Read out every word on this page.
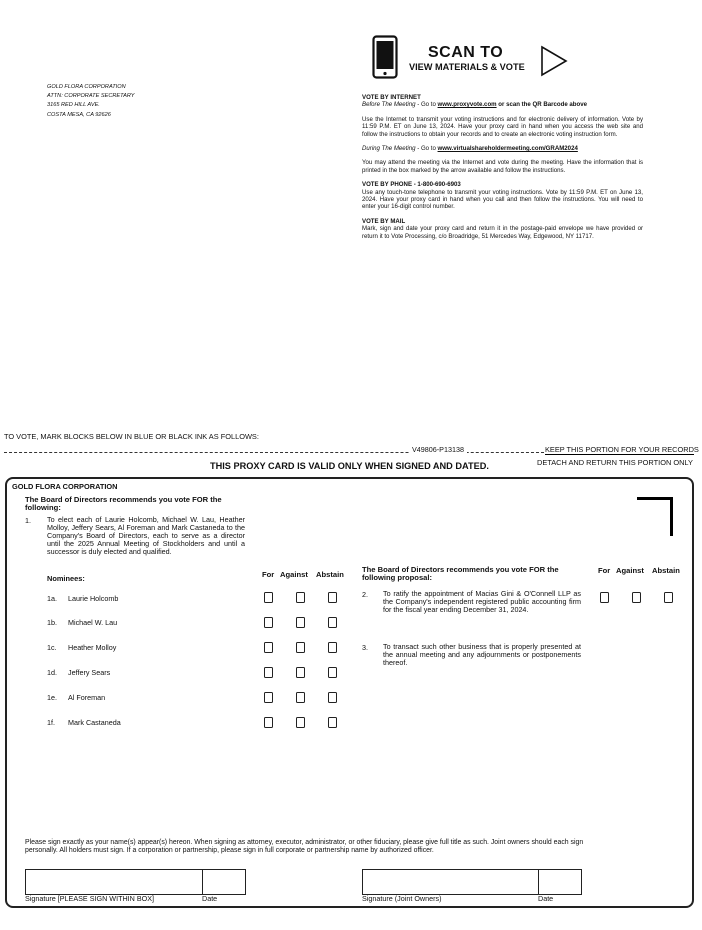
GOLD FLORA CORPORATION
ATTN: CORPORATE SECRETARY
3165 RED HILL AVE.
COSTA MESA, CA 92626
SCAN TO
VIEW MATERIALS & VOTE
VOTE BY INTERNET

Before The Meeting - Go to www.proxyvote.com or scan the QR Barcode above

Use the Internet to transmit your voting instructions and for electronic delivery of information. Vote by 11:59 P.M. ET on June 13, 2024. Have your proxy card in hand when you access the web site and follow the instructions to obtain your records and to create an electronic voting instruction form.

During The Meeting - Go to www.virtualshareholdermeeting.com/GRAM2024

You may attend the meeting via the Internet and vote during the meeting. Have the information that is printed in the box marked by the arrow available and follow the instructions.

VOTE BY PHONE - 1-800-690-6903

Use any touch-tone telephone to transmit your voting instructions. Vote by 11:59 P.M. ET on June 13, 2024. Have your proxy card in hand when you call and then follow the instructions. You will need to enter your 16-digit control number.

VOTE BY MAIL

Mark, sign and date your proxy card and return it in the postage-paid envelope we have provided or return it to Vote Processing, c/o Broadridge, 51 Mercedes Way, Edgewood, NY 11717.

TO VOTE, MARK BLOCKS BELOW IN BLUE OR BLACK INK AS FOLLOWS:
V49806-P13138	KEEP THIS PORTION FOR YOUR RECORDS
THIS PROXY CARD IS VALID ONLY WHEN SIGNED AND DATED.	DETACH AND RETURN THIS PORTION ONLY
GOLD FLORA CORPORATION
The Board of Directors recommends you vote FOR the following:
1. To elect each of Laurie Holcomb, Michael W. Lau, Heather Molloy, Jeffery Sears, Al Foreman and Mark Castaneda to the Company's Board of Directors, each to serve as a director until the 2025 Annual Meeting of Stockholders and until a successor is duly elected and qualified.
Nominees:	For Against Abstain
1a. Laurie Holcomb
1b. Michael W. Lau
1c. Heather Molloy
1d. Jeffery Sears
1e. Al Foreman
1f. Mark Castaneda
The Board of Directors recommends you vote FOR the following proposal:
For Against Abstain
2. To ratify the appointment of Macias Gini & O'Connell LLP as the Company's independent registered public accounting firm for the fiscal year ending December 31, 2024.
3. To transact such other business that is properly presented at the annual meeting and any adjournments or postponements thereof.
Please sign exactly as your name(s) appear(s) hereon. When signing as attorney, executor, administrator, or other fiduciary, please give full title as such. Joint owners should each sign personally. All holders must sign. If a corporation or partnership, please sign in full corporate or partnership name by authorized officer.
Signature [PLEASE SIGN WITHIN BOX]	Date	Signature (Joint Owners)	Date
